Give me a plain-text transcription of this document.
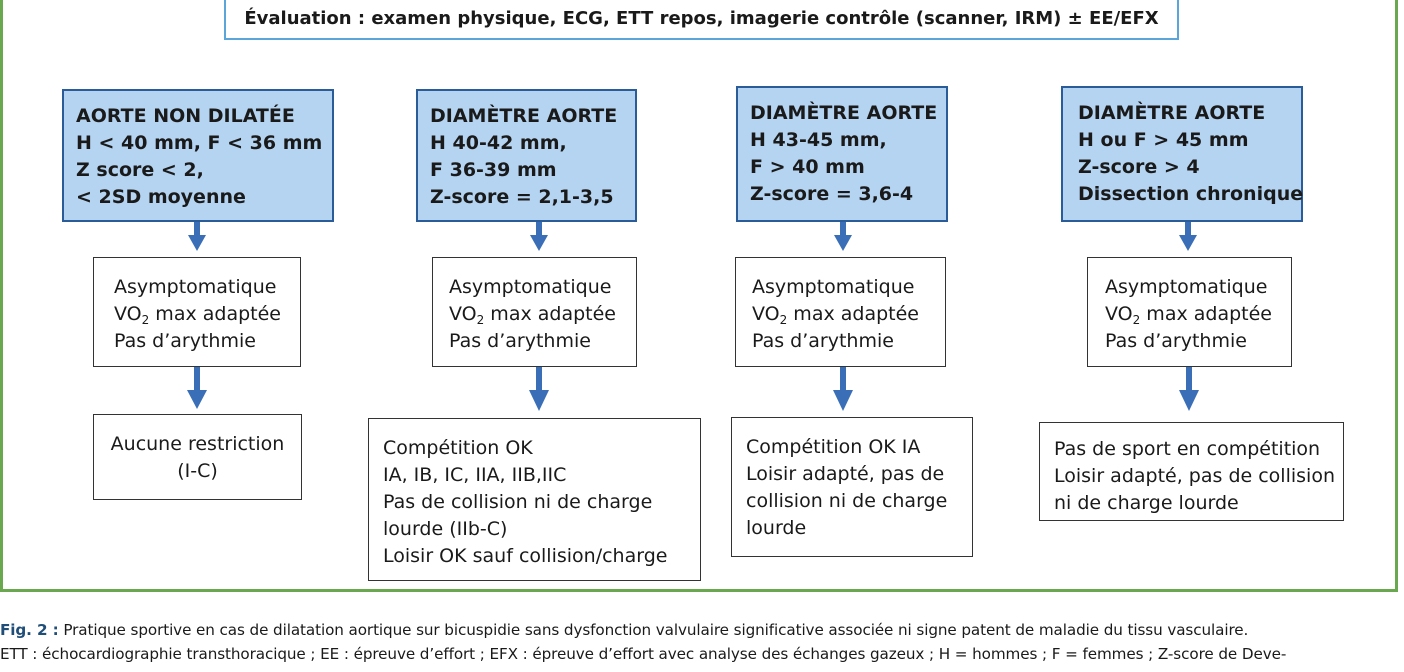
Évaluation : examen physique, ECG, ETT repos, imagerie contrôle (scanner, IRM) ± EE/EFX
AORTE NON DILATÉE
H < 40 mm, F < 36 mm
Z score < 2,
< 2SD moyenne
Asymptomatique
$VO_2$ max adaptée
Pas d’arythmie
Aucune restriction
(I-C)
DIAMÈTRE AORTE
H 40-42 mm,
F 36-39 mm
Z-score = 2,1-3,5
Asymptomatique
$VO_2$ max adaptée
Pas d’arythmie
Compétition OK
IA, IB, IC, IIA, IIB,IIC
Pas de collision ni de charge
lourde (IIb-C)
Loisir OK sauf collision/charge
DIAMÈTRE AORTE
H 43-45 mm,
F > 40 mm
Z-score = 3,6-4
Asymptomatique
$VO_2$ max adaptée
Pas d’arythmie
Compétition OK IA
Loisir adapté, pas de
collision ni de charge
lourde
DIAMÈTRE AORTE
H ou F > 45 mm
Z-score > 4
Dissection chronique
Asymptomatique
$VO_2$ max adaptée
Pas d’arythmie
Pas de sport en compétition
Loisir adapté, pas de collision
ni de charge lourde
Fig. 2 : Pratique sportive en cas de dilatation aortique sur bicuspidie sans dysfonction valvulaire significative associée ni signe patent de maladie du tissu vasculaire.
ETT : échocardiographie transthoracique ; EE : épreuve d’effort ; EFX : épreuve d’effort avec analyse des échanges gazeux ; H = hommes ; F = femmes ; Z-score de Deve-
